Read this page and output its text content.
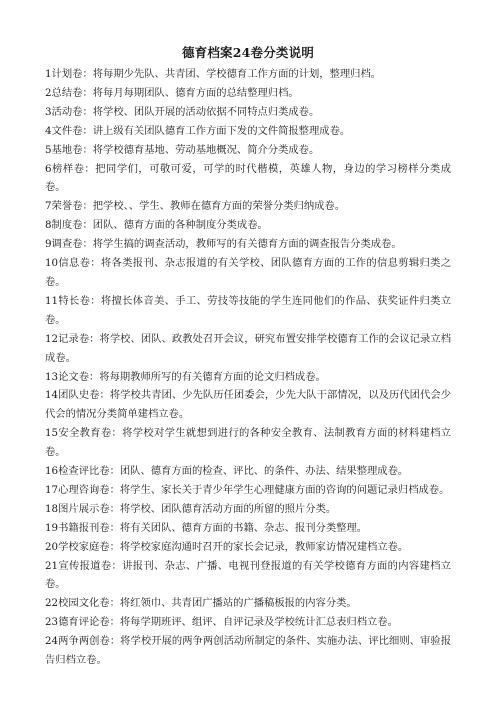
德育档案24卷分类说明
1计划卷：将每期少先队、共青团、学校德育工作方面的计划，整理归档。
2总结卷：将每月每期团队、德育方面的总结整理归档。
3活动卷：将学校、团队开展的活动依据不同特点归类成卷。
4文件卷：讲上级有关团队德育工作方面下发的文件简报整理成卷。
5基地卷：将学校德育基地、劳动基地概况、简介分类成卷。
6榜样卷：把同学们，可敬可爱，可学的时代楷模，英雄人物，身边的学习榜样分类成卷。
7荣誉卷：把学校、、学生、教师在德育方面的荣誉分类归纳成卷。
8制度卷：团队、德育方面的各种制度分类成卷。
9调查卷：将学生搞的调查活动，教师写的有关德育方面的调查报告分类成卷。
10信息卷：将各类报刊、杂志报道的有关学校、团队德育方面的工作的信息剪辑归类之卷。
11特长卷：将擅长体音美、手工、劳技等技能的学生连同他们的作品、获奖证件归类立卷。
12记录卷：将学校、团队、政教处召开会议，研究布置安排学校德育工作的会议记录立档成卷。
13论文卷：将每期教师所写的有关德育方面的论文归档成卷。
14团队史卷：将学校共青团、少先队历任团委会，少先大队干部情况，以及历代团代会少代会的情况分类简单建档立卷。
15安全教育卷：将学校对学生就想到进行的各种安全教育、法制教育方面的材料建档立卷。
16检查评比卷：团队、德育方面的检查、评比、的条件、办法、结果整理成卷。
17心理咨询卷：将学生、家长关于青少年学生心理健康方面的咨询的问题记录归档成卷。
18图片展示卷：将学校、团队德育活动方面的所留的照片分类。
19书籍报刊卷：将有关团队、德育方面的书籍、杂志、报刊分类整理。
20学校家庭卷：将学校家庭沟通时召开的家长会记录，教师家访情况建档立卷。
21宣传报道卷：讲报刊、杂志、广播、电视刊登报道的有关学校德育方面的内容建档立卷。
22校园文化卷：将红领巾、共青团广播站的广播稿板报的内容分类。
23德育评论卷：将每学期班评、组评、自评记录及学校统计汇总表归档立卷。
24两争两创卷：将学校开展的两争两创活动所制定的条件、实施办法、评比细则、审验报告归档立卷。
